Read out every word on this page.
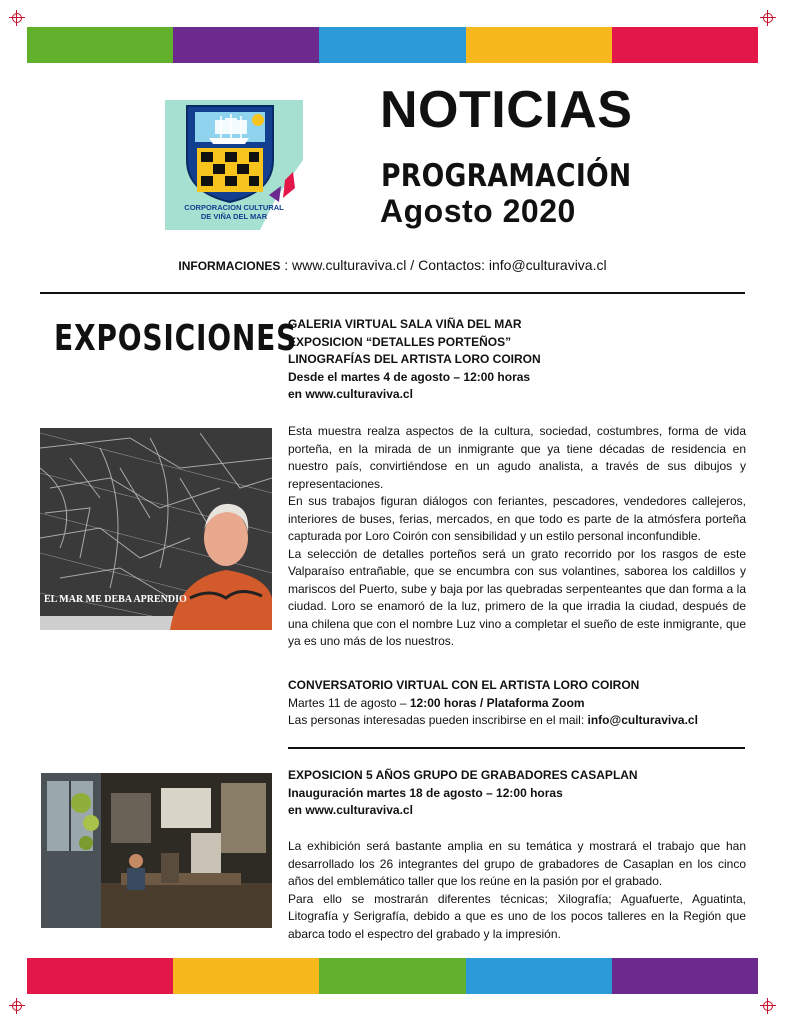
CORPORACION CULTURAL
DE VIÑA DEL MAR
NOTICIAS
PROGRAMACIÓN
Agosto 2020
INFORMACIONES : www.culturaviva.cl / Contactos: info@culturaviva.cl
EXPOSICIONES
GALERIA VIRTUAL SALA VIÑA DEL MAR
EXPOSICION “DETALLES PORTEÑOS”
LINOGRAFÍAS DEL ARTISTA LORO COIRON
Desde el martes 4 de agosto – 12:00 horas
en www.culturaviva.cl

Esta muestra realza aspectos de la cultura, sociedad, costumbres, forma de vida porteña, en la mirada de un inmigrante que ya tiene décadas de residencia en nuestro país, convirtiéndose en un agudo analista, a través de sus dibujos y representaciones.

En sus trabajos figuran diálogos con feriantes, pescadores, vendedores callejeros, interiores de buses, ferias, mercados, en que todo es parte de la atmósfera porteña capturada por Loro Coirón con sensibilidad y un estilo personal inconfundible.

La selección de detalles porteños será un grato recorrido por los rasgos de este Valparaíso entrañable, que se encumbra con sus volantines, saborea los caldillos y mariscos del Puerto, sube y baja por las quebradas serpenteantes que dan forma a la ciudad. Loro se enamoró de la luz, primero de la que irradia la ciudad, después de una chilena que con el nombre Luz vino a completar el sueño de este inmigrante, que ya es uno más de los nuestros.

EL MAR ME DEBA APRENDIO
CONVERSATORIO VIRTUAL CON EL ARTISTA LORO COIRON
Martes 11 de agosto – 12:00 horas / Plataforma Zoom
Las personas interesadas pueden inscribirse en el mail: info@culturaviva.cl
EXPOSICION 5 AÑOS GRUPO DE GRABADORES CASAPLAN
Inauguración martes 18 de agosto – 12:00 horas
en www.culturaviva.cl

La exhibición será bastante amplia en su temática y mostrará el trabajo que han desarrollado los 26 integrantes del grupo de grabadores de Casaplan en los cinco años del emblemático taller que los reúne en la pasión por el grabado.

Para ello se mostrarán diferentes técnicas; Xilografía; Aguafuerte, Aguatinta, Litografía y Serigrafía, debido a que es uno de los pocos talleres en la Región que abarca todo el espectro del grabado y la impresión.
